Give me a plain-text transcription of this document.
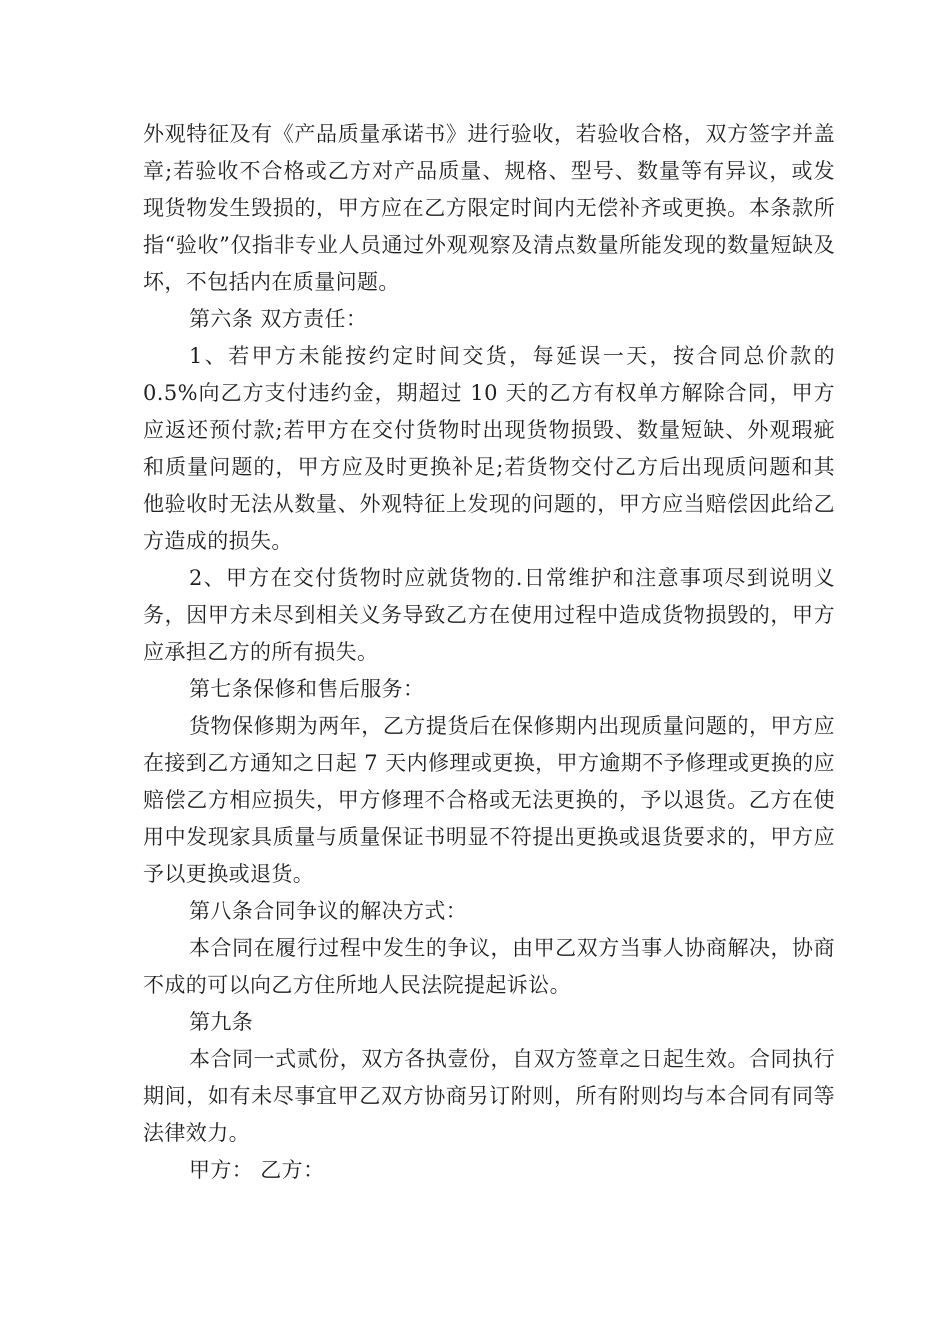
外观特征及有《产品质量承诺书》进行验收，若验收合格，双方签字并盖章;若验收不合格或乙方对产品质量、规格、型号、数量等有异议，或发现货物发生毁损的，甲方应在乙方限定时间内无偿补齐或更换。本条款所指“验收”仅指非专业人员通过外观观察及清点数量所能发现的数量短缺及坏，不包括内在质量问题。

第六条 双方责任：

1、若甲方未能按约定时间交货，每延误一天，按合同总价款的0.5%向乙方支付违约金，期超过 10 天的乙方有权单方解除合同，甲方应返还预付款;若甲方在交付货物时出现货物损毁、数量短缺、外观瑕疵和质量问题的，甲方应及时更换补足;若货物交付乙方后出现质问题和其他验收时无法从数量、外观特征上发现的问题的，甲方应当赔偿因此给乙方造成的损失。

2、甲方在交付货物时应就货物的.日常维护和注意事项尽到说明义务，因甲方未尽到相关义务导致乙方在使用过程中造成货物损毁的，甲方应承担乙方的所有损失。

第七条保修和售后服务：

货物保修期为两年，乙方提货后在保修期内出现质量问题的，甲方应在接到乙方通知之日起 7 天内修理或更换，甲方逾期不予修理或更换的应赔偿乙方相应损失，甲方修理不合格或无法更换的，予以退货。乙方在使用中发现家具质量与质量保证书明显不符提出更换或退货要求的，甲方应予以更换或退货。

第八条合同争议的解决方式：

本合同在履行过程中发生的争议，由甲乙双方当事人协商解决，协商不成的可以向乙方住所地人民法院提起诉讼。

第九条

本合同一式贰份，双方各执壹份，自双方签章之日起生效。合同执行期间，如有未尽事宜甲乙双方协商另订附则，所有附则均与本合同有同等法律效力。

甲方： 乙方：
